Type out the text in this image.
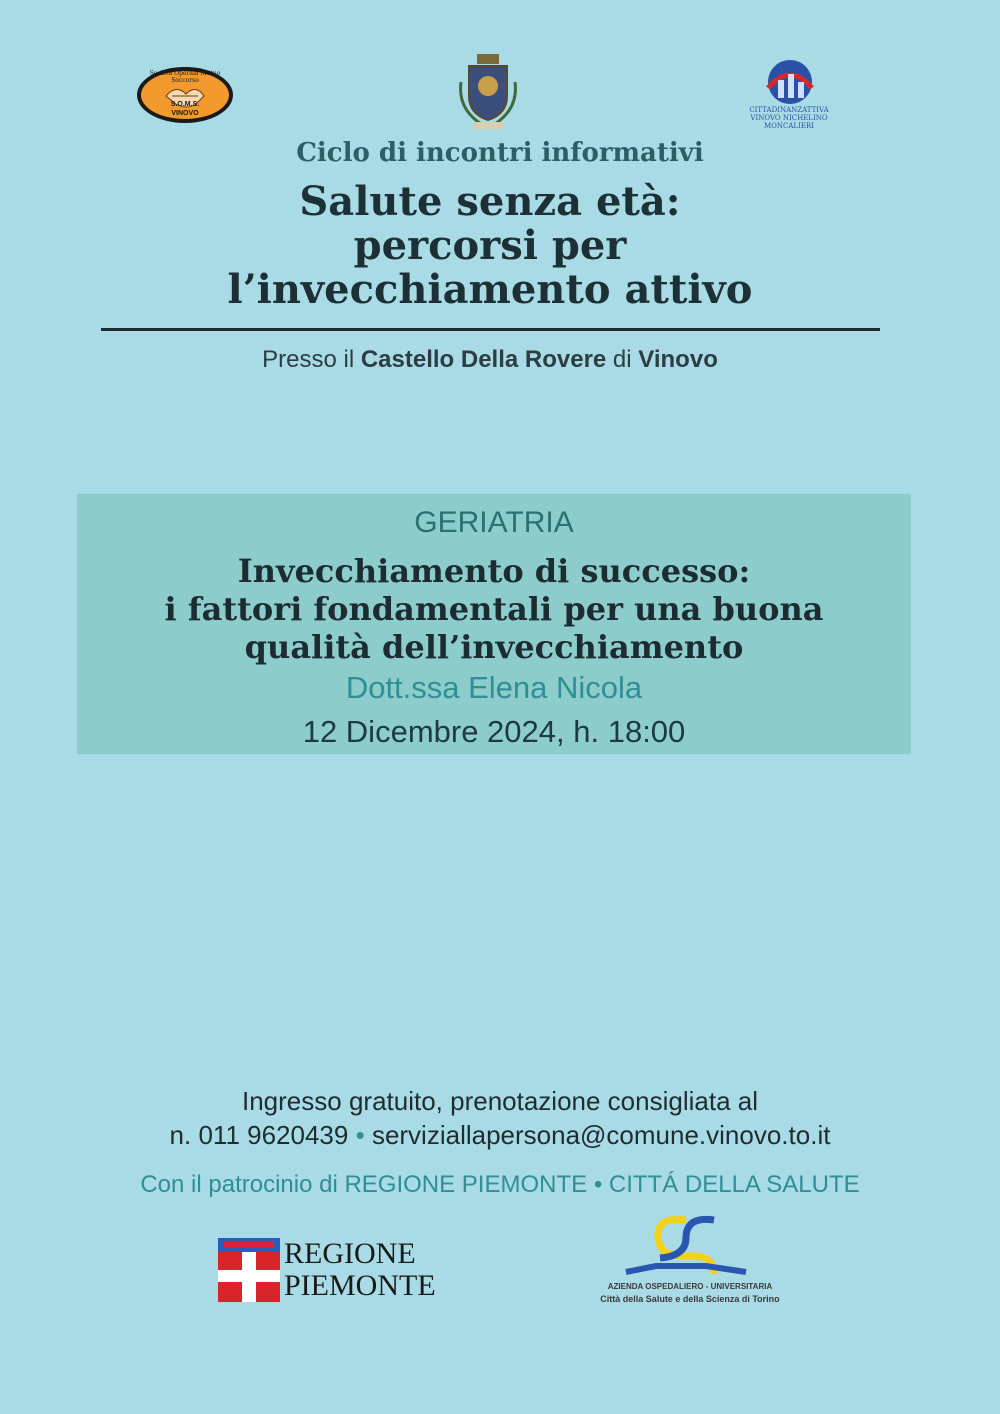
CITTADINANZATTIVA
VINOVO NICHELINO
MONCALIERI
Società Operaia Mutuo Soccorso
S.O.M.S.
VINOVO
Ciclo di incontri informativi
Salute senza età:
percorsi per
l’invecchiamento attivo
Presso il Castello Della Rovere di Vinovo
GERIATRIA
Invecchiamento di successo:
i fattori fondamentali per una buona
qualità dell’invecchiamento
Dott.ssa Elena Nicola
12 Dicembre 2024, h. 18:00
Ingresso gratuito, prenotazione consigliata al
n. 011 9620439 • serviziallapersona@comune.vinovo.to.it
Con il patrocinio di REGIONE PIEMONTE • CITTÁ DELLA SALUTE
REGIONE
PIEMONTE	AZIENDA OSPEDALIERO - UNIVERSITARIA
Città della Salute e della Scienza di Torino
